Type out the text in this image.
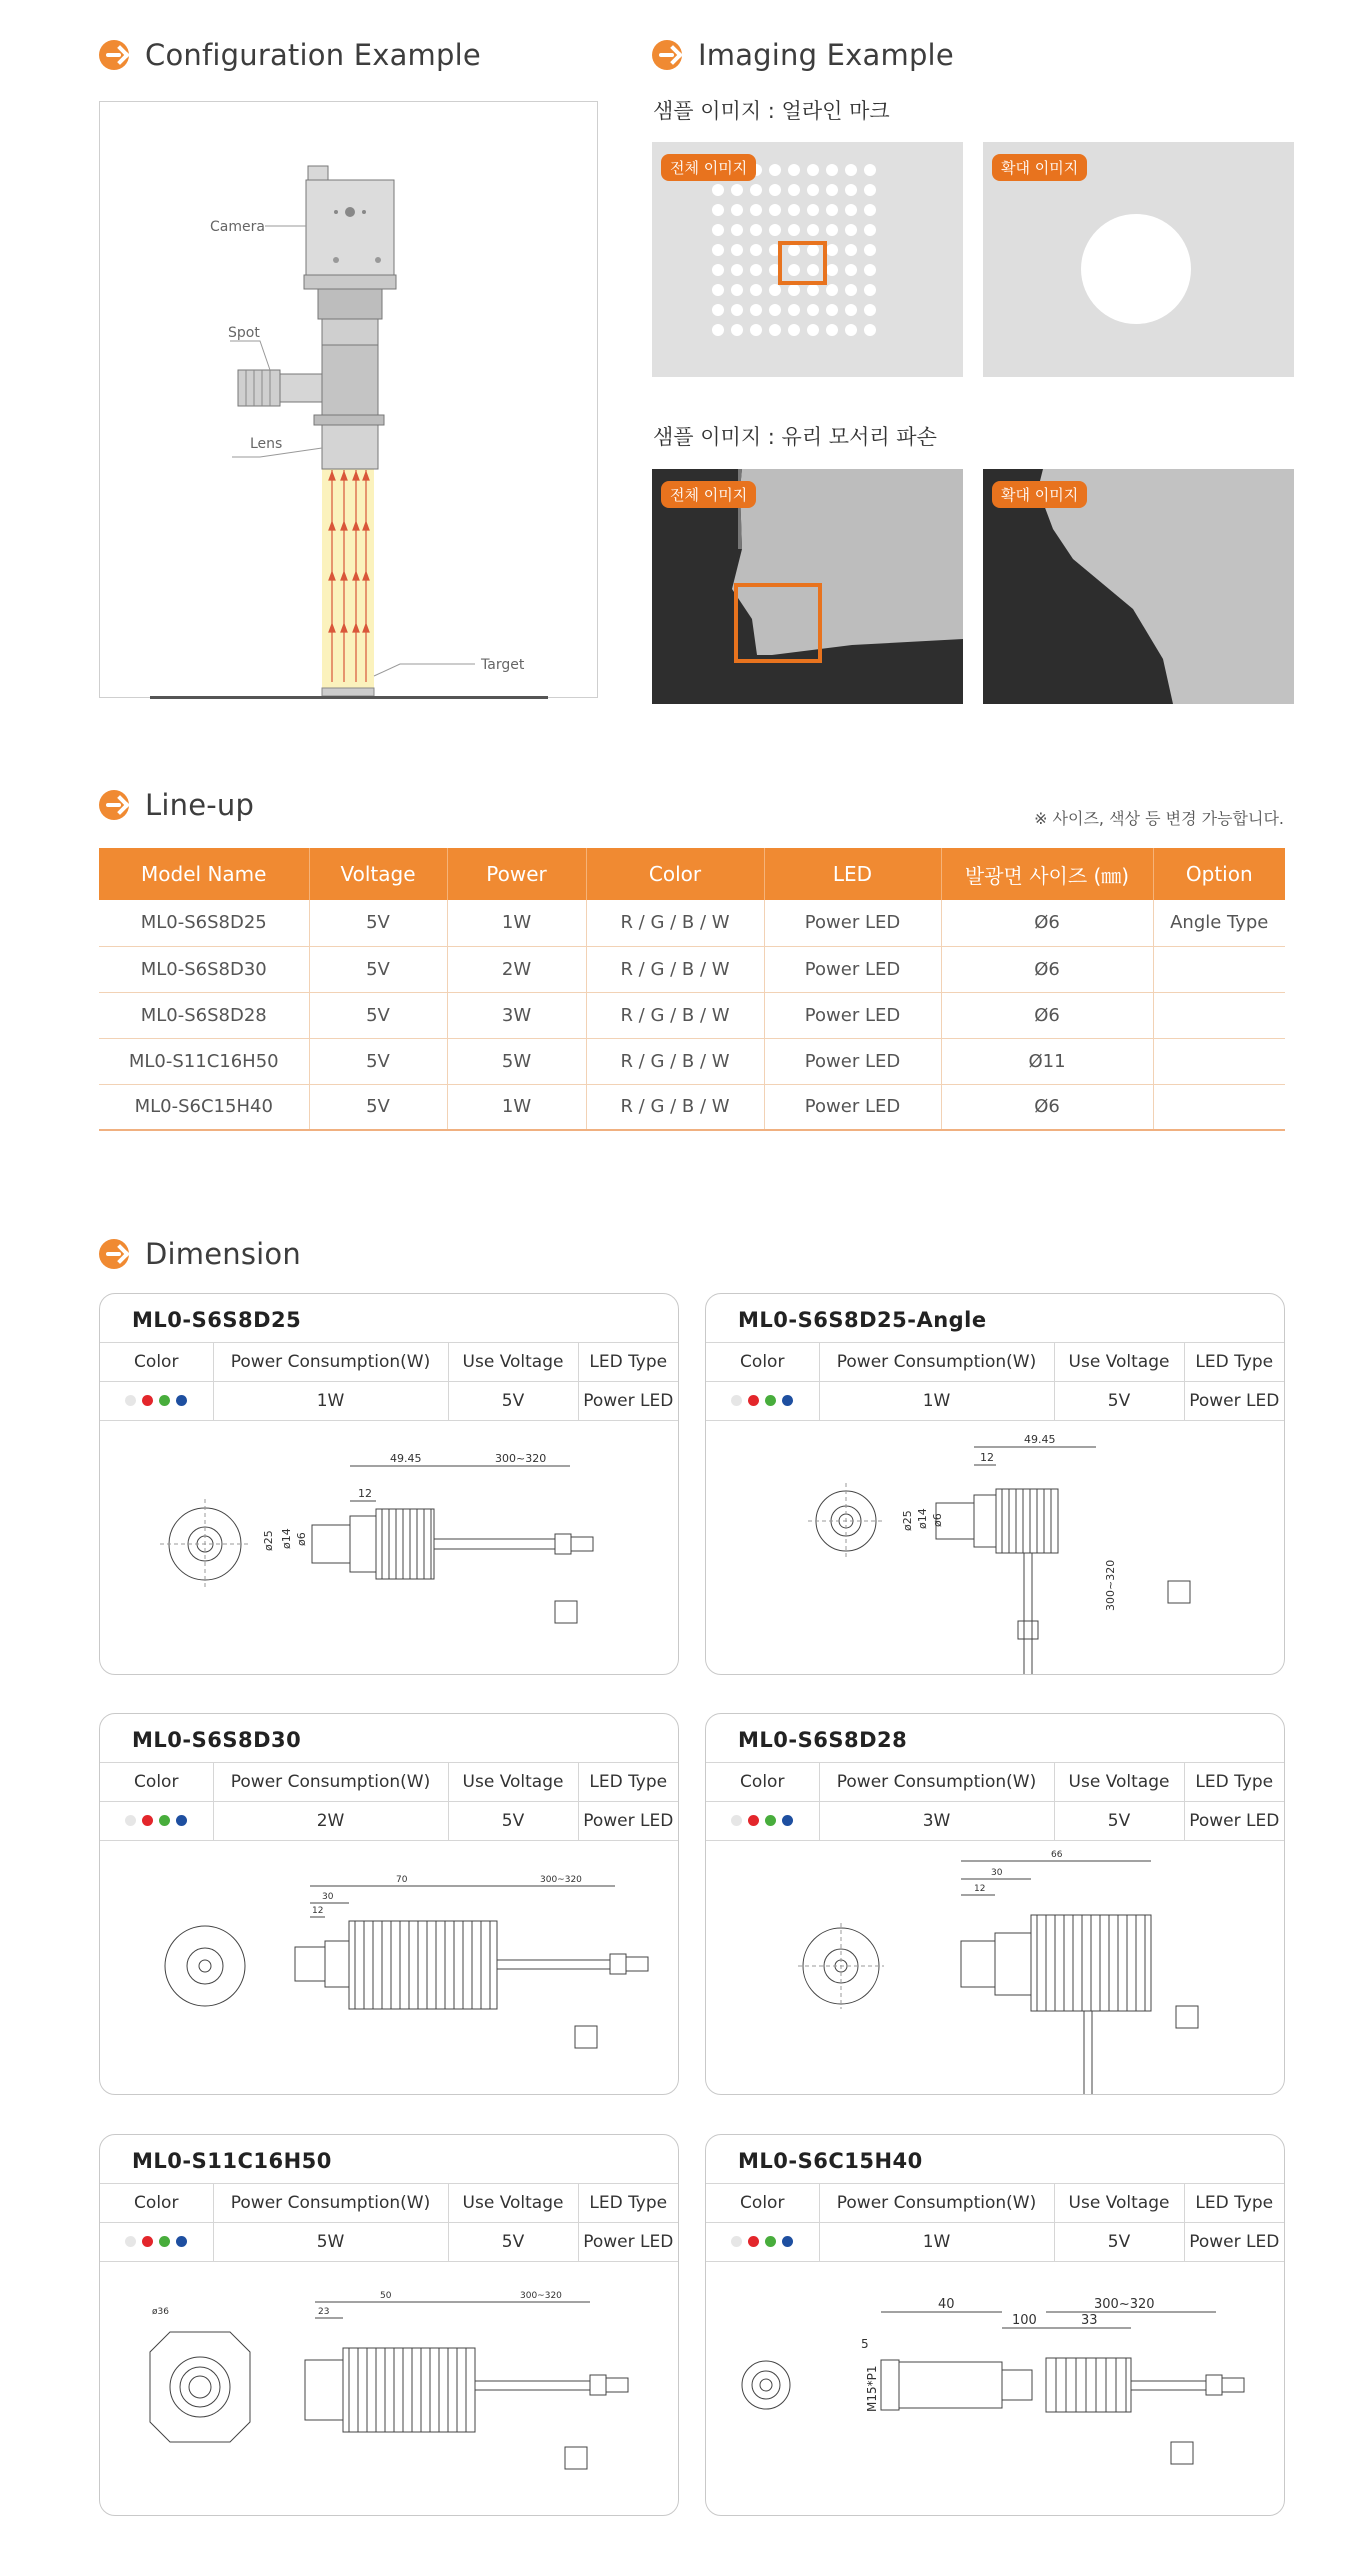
Configuration Example
Camera
Spot
Lens
Target
Imaging Example
샘플 이미지 : 얼라인 마크
전체 이미지	확대 이미지
샘플 이미지 : 유리 모서리 파손
전체 이미지	확대 이미지
Line-up	※ 사이즈, 색상 등 변경 가능합니다.
Model Name	Voltage	Power	Color	LED	발광면 사이즈 (㎜)	Option
ML0-S6S8D25	5V	1W	R / G / B / W	Power LED	Ø6	Angle Type
ML0-S6S8D30	5V	2W	R / G / B / W	Power LED	Ø6	
ML0-S6S8D28	5V	3W	R / G / B / W	Power LED	Ø6	
ML0-S11C16H50	5V	5W	R / G / B / W	Power LED	Ø11	
ML0-S6C15H40	5V	1W	R / G / B / W	Power LED	Ø6	
Dimension
ML0-S6S8D25
Color	Power Consumption(W)	Use Voltage	LED Type

	1W	5V	Power LED
49.45	300~320
12
ø25 ø14 ø6
ML0-S6S8D25-Angle
Color	Power Consumption(W)	Use Voltage	LED Type

	1W	5V	Power LED
49.45
12
ø25 ø14 ø6
300~320
ML0-S6S8D30
Color	Power Consumption(W)	Use Voltage	LED Type

	2W	5V	Power LED
70	300~320
30
12
ML0-S6S8D28
Color	Power Consumption(W)	Use Voltage	LED Type

	3W	5V	Power LED
66
30
12
ML0-S11C16H50
Color	Power Consumption(W)	Use Voltage	LED Type

	5W	5V	Power LED
50	300~320
23
ø36
ML0-S6C15H40
Color	Power Consumption(W)	Use Voltage	LED Type

	1W	5V	Power LED
40
100
300~320
33
5
M15*P1
